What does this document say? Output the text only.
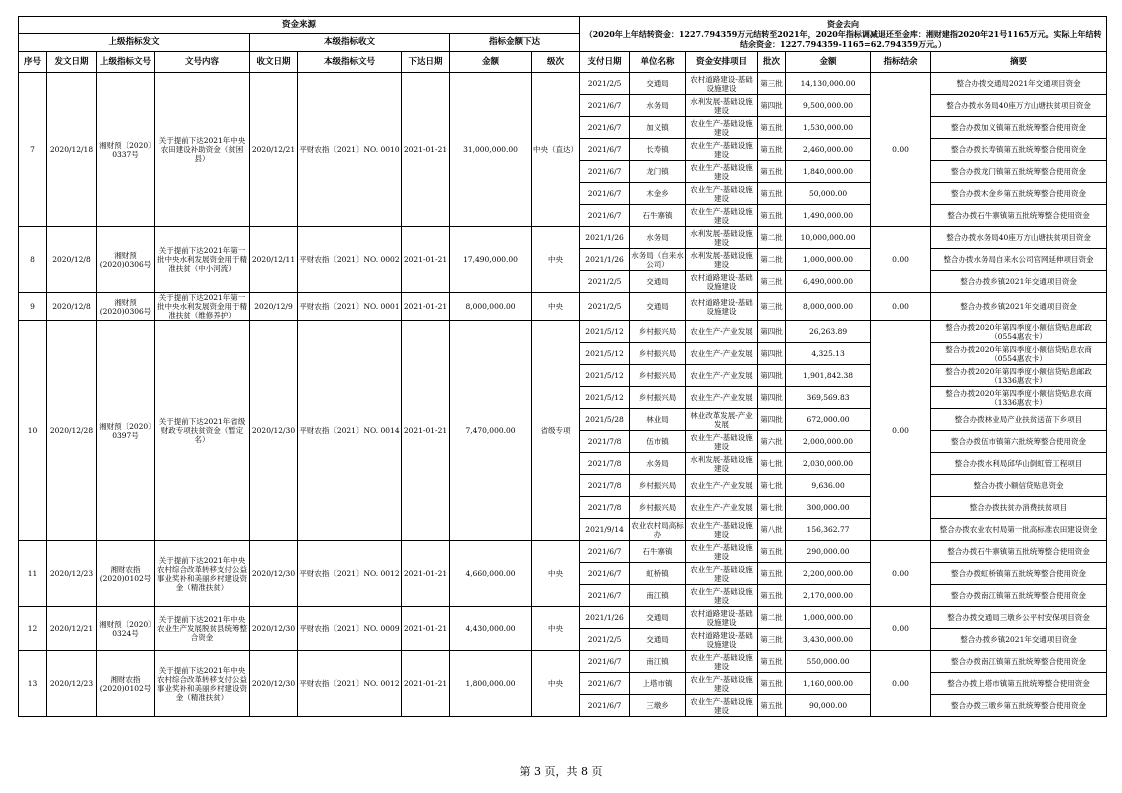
资金来源									资金去向
（2020年上年结转资金：1227.794359万元结转至2021年，2020年指标调减退还至金库：湘财建指2020年21号1165万元。实际上年结转结余资金：1227.794359-1165=62.794359万元。）						

上级指标发文				本级指标收文			指标金额下达								
序号	发文日期	上级指标文号	文号内容	收文日期	本级指标文号	下达日期	金额	级次	支付日期	单位名称	资金安排项目	批次	金额	指标结余	摘要
7	2020/12/18	湘财预〔2020〕0337号	关于提前下达2021年中央农田建设补助资金（贫困县）	2020/12/21	平财农指〔2021〕NO. 0010	2021-01-21	31,000,000.00	中央（直达）	2021/2/5	交通局	农村道路建设-基础设施建设	第三批	14,130,000.00	0.00	整合办拨交通局2021年交通项目资金
									2021/6/7	水务局	水利发展-基础设施建设	第四批	9,500,000.00		整合办拨水务局40座万方山塘扶贫项目资金
									2021/6/7	加义镇	农业生产-基础设施建设	第五批	1,530,000.00		整合办拨加义镇第五批统筹整合使用资金
									2021/6/7	长寿镇	农业生产-基础设施建设	第五批	2,460,000.00		整合办拨长寿镇第五批统筹整合使用资金
									2021/6/7	龙门镇	农业生产-基础设施建设	第五批	1,840,000.00		整合办拨龙门镇第五批统筹整合使用资金
									2021/6/7	木金乡	农业生产-基础设施建设	第五批	50,000.00		整合办拨木金乡第五批统筹整合使用资金
									2021/6/7	石牛寨镇	农业生产-基础设施建设	第五批	1,490,000.00		整合办拨石牛寨镇第五批统筹整合使用资金
8	2020/12/8	湘财预(2020)0306号	关于提前下达2021年第一批中央水利发展资金用于精准扶贫（中小河流）	2020/12/11	平财农指〔2021〕NO. 0002	2021-01-21	17,490,000.00	中央	2021/1/26	水务局	水利发展-基础设施建设	第二批	10,000,000.00	0.00	整合办拨水务局40座万方山塘扶贫项目资金
									2021/1/26	水务局（自来水公司）	水利发展-基础设施建设	第二批	1,000,000.00		整合办拨水务局自来水公司官网延伸项目资金
									2021/2/5	交通局	农村道路建设-基础设施建设	第三批	6,490,000.00		整合办拨乡镇2021年交通项目资金
9	2020/12/8	湘财预(2020)0306号	关于提前下达2021年第一批中央水利发展资金用于精准扶贫（维修养护）	2020/12/9	平财农指〔2021〕NO. 0001	2021-01-21	8,000,000.00	中央	2021/2/5	交通局	农村道路建设-基础设施建设	第三批	8,000,000.00	0.00	整合办拨乡镇2021年交通项目资金
10	2020/12/28	湘财预〔2020〕0397号	关于提前下达2021年省级财政专项扶贫资金（暂定名）	2020/12/30	平财农指〔2021〕NO. 0014	2021-01-21	7,470,000.00	省级专项	2021/5/12	乡村振兴局	农业生产-产业发展	第四批	26,263.89	0.00	整合办拨2020年第四季度小额信贷贴息邮政（0554惠农卡）
									2021/5/12	乡村振兴局	农业生产-产业发展	第四批	4,325.13		整合办拨2020年第四季度小额信贷贴息农商（0554惠农卡）
									2021/5/12	乡村振兴局	农业生产-产业发展	第四批	1,901,842.38		整合办拨2020年第四季度小额信贷贴息邮政（1336惠农卡）
									2021/5/12	乡村振兴局	农业生产-产业发展	第四批	369,569.83		整合办拨2020年第四季度小额信贷贴息农商（1336惠农卡）
									2021/5/28	林业局	林业改革发展-产业发展	第四批	672,000.00		整合办拨林业局产业扶贫送苗下乡项目
									2021/7/8	伍市镇	农业生产-基础设施建设	第六批	2,000,000.00		整合办拨伍市镇第六批统筹整合使用资金
									2021/7/8	水务局	水利发展-基础设施建设	第七批	2,030,000.00		整合办拨水利局邱华山倒虹管工程项目
									2021/7/8	乡村振兴局	农业生产-产业发展	第七批	9,636.00		整合办拨小额信贷贴息资金
									2021/7/8	乡村振兴局	农业生产-产业发展	第七批	300,000.00		整合办拨扶贫办消费扶贫项目
									2021/9/14	农业农村局高标办	农业生产-基础设施建设	第八批	156,362.77		整合办拨农业农村局第一批高标准农田建设资金
11	2020/12/23	湘财农指(2020)0102号	关于提前下达2021年中央农村综合改革转移支付公益事业奖补和美丽乡村建设资金（精准扶贫）	2020/12/30	平财农指〔2021〕NO. 0012	2021-01-21	4,660,000.00	中央	2021/6/7	石牛寨镇	农业生产-基础设施建设	第五批	290,000.00	0.00	整合办拨石牛寨镇第五批统筹整合使用资金
									2021/6/7	虹桥镇	农业生产-基础设施建设	第五批	2,200,000.00		整合办拨虹桥镇第五批统筹整合使用资金
									2021/6/7	南江镇	农业生产-基础设施建设	第五批	2,170,000.00		整合办拨南江镇第五批统筹整合使用资金
12	2020/12/21	湘财预〔2020〕0324号	关于提前下达2021年中央农业生产发展脱贫县统筹整合资金	2020/12/30	平财农指〔2021〕NO. 0009	2021-01-21	4,430,000.00	中央	2021/1/26	交通局	农村道路建设-基础设施建设	第二批	1,000,000.00	0.00	整合办拨交通局三墩乡公平村安保项目资金
									2021/2/5	交通局	农村道路建设-基础设施建设	第三批	3,430,000.00		整合办拨乡镇2021年交通项目资金
13	2020/12/23	湘财农指(2020)0102号	关于提前下达2021年中央农村综合改革转移支付公益事业奖补和美丽乡村建设资金（精准扶贫）	2020/12/30	平财农指〔2021〕NO. 0012	2021-01-21	1,800,000.00	中央	2021/6/7	南江镇	农业生产-基础设施建设	第五批	550,000.00	0.00	整合办拨南江镇第五批统筹整合使用资金
									2021/6/7	上塔市镇	农业生产-基础设施建设	第五批	1,160,000.00		整合办拨上塔市镇第五批统筹整合使用资金
									2021/6/7	三墩乡	农业生产-基础设施建设	第五批	90,000.00		整合办拨三墩乡第五批统筹整合使用资金
第 3 页，共 8 页
